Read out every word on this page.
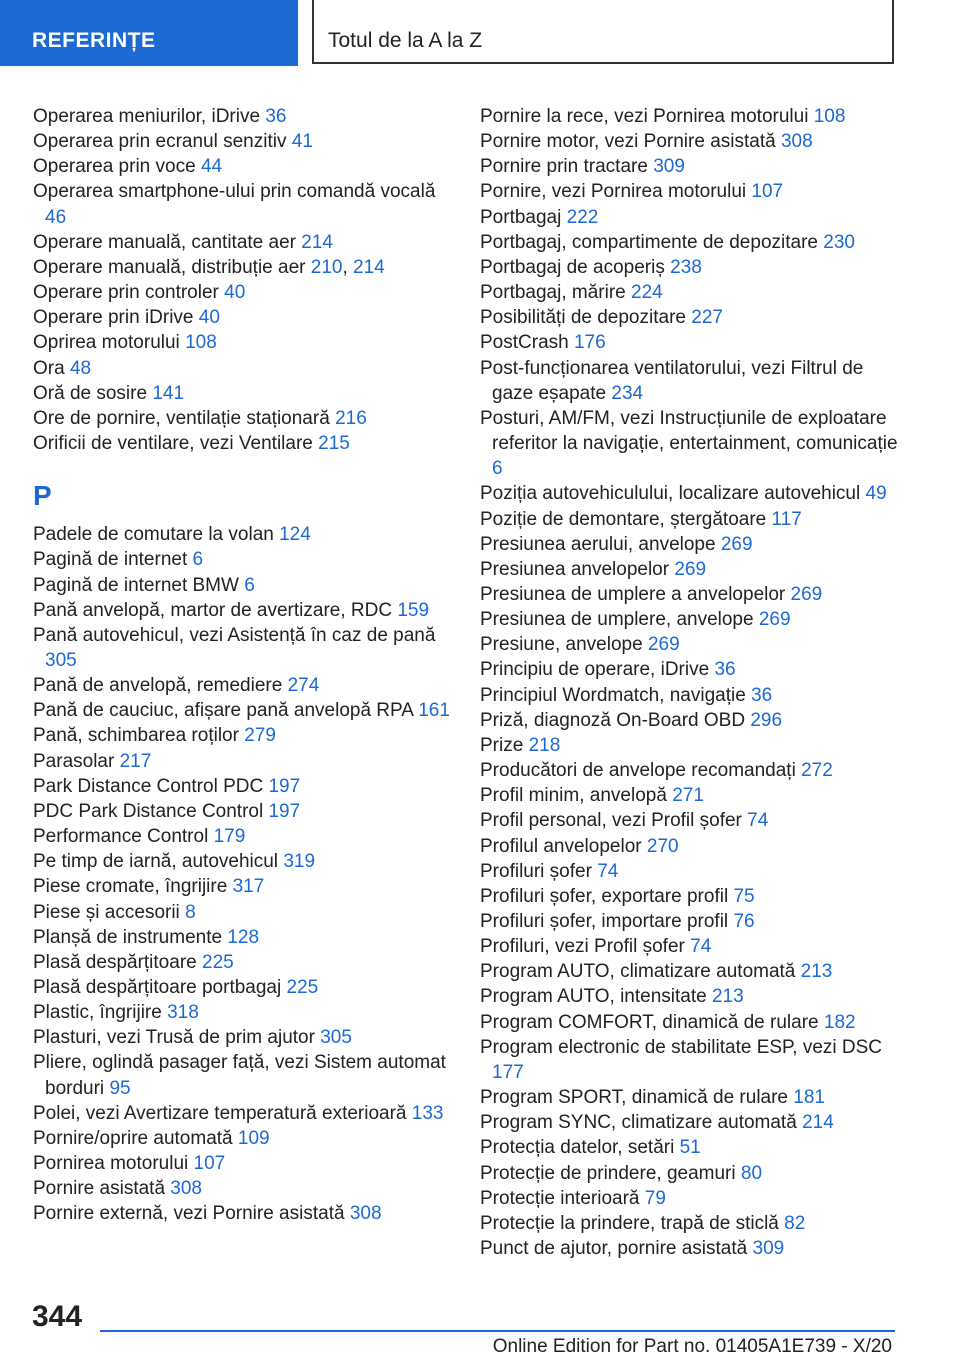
REFERINȚE	Totul de la A la Z
Operarea meniurilor, iDrive 36
Operarea prin ecranul senzitiv 41
Operarea prin voce 44
Operarea smartphone-ului prin comandă vocală 46
Operare manuală, cantitate aer 214
Operare manuală, distribuție aer 210, 214
Operare prin controler 40
Operare prin iDrive 40
Oprirea motorului 108
Ora 48
Oră de sosire 141
Ore de pornire, ventilație staționară 216
Orificii de ventilare, vezi Ventilare 215
P
Padele de comutare la volan 124
Pagină de internet 6
Pagină de internet BMW 6
Pană anvelopă, martor de avertizare, RDC 159
Pană autovehicul, vezi Asistență în caz de pană 305
Pană de anvelopă, remediere 274
Pană de cauciuc, afișare pană anvelopă RPA 161
Pană, schimbarea roților 279
Parasolar 217
Park Distance Control PDC 197
PDC Park Distance Control 197
Performance Control 179
Pe timp de iarnă, autovehicul 319
Piese cromate, îngrijire 317
Piese și accesorii 8
Planșă de instrumente 128
Plasă despărțitoare 225
Plasă despărțitoare portbagaj 225
Plastic, îngrijire 318
Plasturi, vezi Trusă de prim ajutor 305
Pliere, oglindă pasager față, vezi Sistem automat borduri 95
Polei, vezi Avertizare temperatură exterioară 133
Pornire/oprire automată 109
Pornirea motorului 107
Pornire asistată 308
Pornire externă, vezi Pornire asistată 308
Pornire la rece, vezi Pornirea motorului 108
Pornire motor, vezi Pornire asistată 308
Pornire prin tractare 309
Pornire, vezi Pornirea motorului 107
Portbagaj 222
Portbagaj, compartimente de depozitare 230
Portbagaj de acoperiș 238
Portbagaj, mărire 224
Posibilități de depozitare 227
PostCrash 176
Post-funcționarea ventilatorului, vezi Filtrul de gaze eșapate 234
Posturi, AM/FM, vezi Instrucțiunile de exploatare referitor la navigație, entertainment, comunicație 6
Poziția autovehiculului, localizare autovehicul 49
Poziție de demontare, ștergătoare 117
Presiunea aerului, anvelope 269
Presiunea anvelopelor 269
Presiunea de umplere a anvelopelor 269
Presiunea de umplere, anvelope 269
Presiune, anvelope 269
Principiu de operare, iDrive 36
Principiul Wordmatch, navigație 36
Priză, diagnoză On-Board OBD 296
Prize 218
Producători de anvelope recomandați 272
Profil minim, anvelopă 271
Profil personal, vezi Profil șofer 74
Profilul anvelopelor 270
Profiluri șofer 74
Profiluri șofer, exportare profil 75
Profiluri șofer, importare profil 76
Profiluri, vezi Profil șofer 74
Program AUTO, climatizare automată 213
Program AUTO, intensitate 213
Program COMFORT, dinamică de rulare 182
Program electronic de stabilitate ESP, vezi DSC 177
Program SPORT, dinamică de rulare 181
Program SYNC, climatizare automată 214
Protecția datelor, setări 51
Protecție de prindere, geamuri 80
Protecție interioară 79
Protecție la prindere, trapă de sticlă 82
Punct de ajutor, pornire asistată 309
344
Online Edition for Part no. 01405A1E739 - X/20
